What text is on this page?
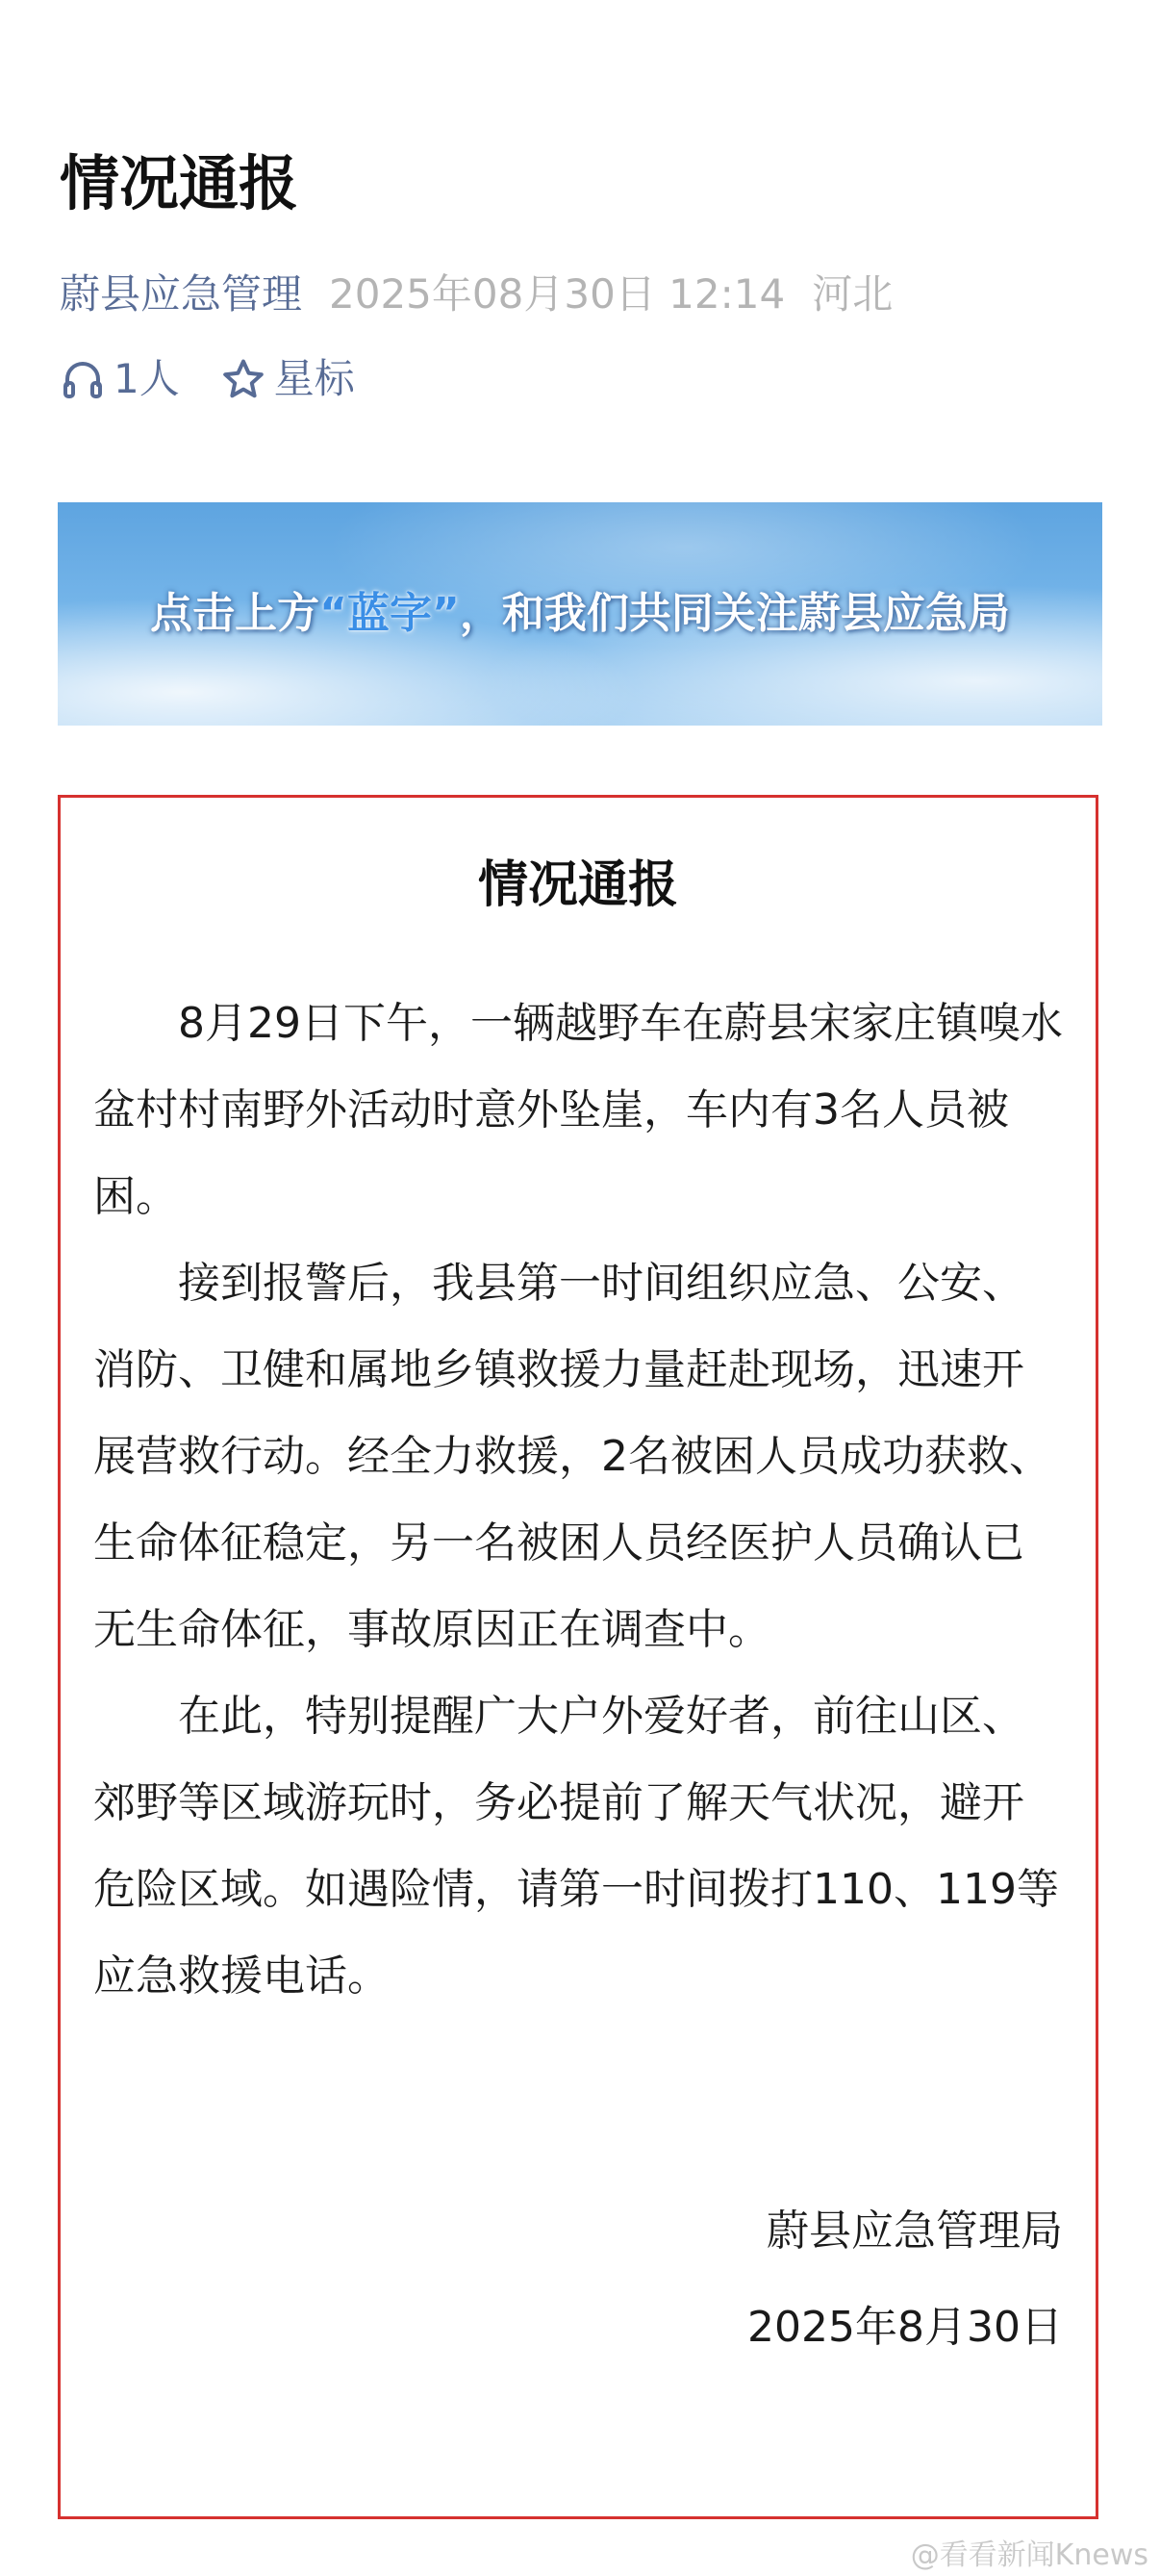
情况通报
蔚县应急管理 2025年08月30日 12:14 河北
1人 星标
点击上方“蓝字”，和我们共同关注蔚县应急局
情况通报

8月29日下午，一辆越野车在蔚县宋家庄镇嗅水盆村村南野外活动时意外坠崖，车内有3名人员被困。

接到报警后，我县第一时间组织应急、公安、消防、卫健和属地乡镇救援力量赶赴现场，迅速开展营救行动。经全力救援，2名被困人员成功获救、生命体征稳定，另一名被困人员经医护人员确认已无生命体征，事故原因正在调查中。

在此，特别提醒广大户外爱好者，前往山区、郊野等区域游玩时，务必提前了解天气状况，避开危险区域。如遇险情，请第一时间拨打110、119等应急救援电话。

蔚县应急管理局
2025年8月30日
@看看新闻Knews
